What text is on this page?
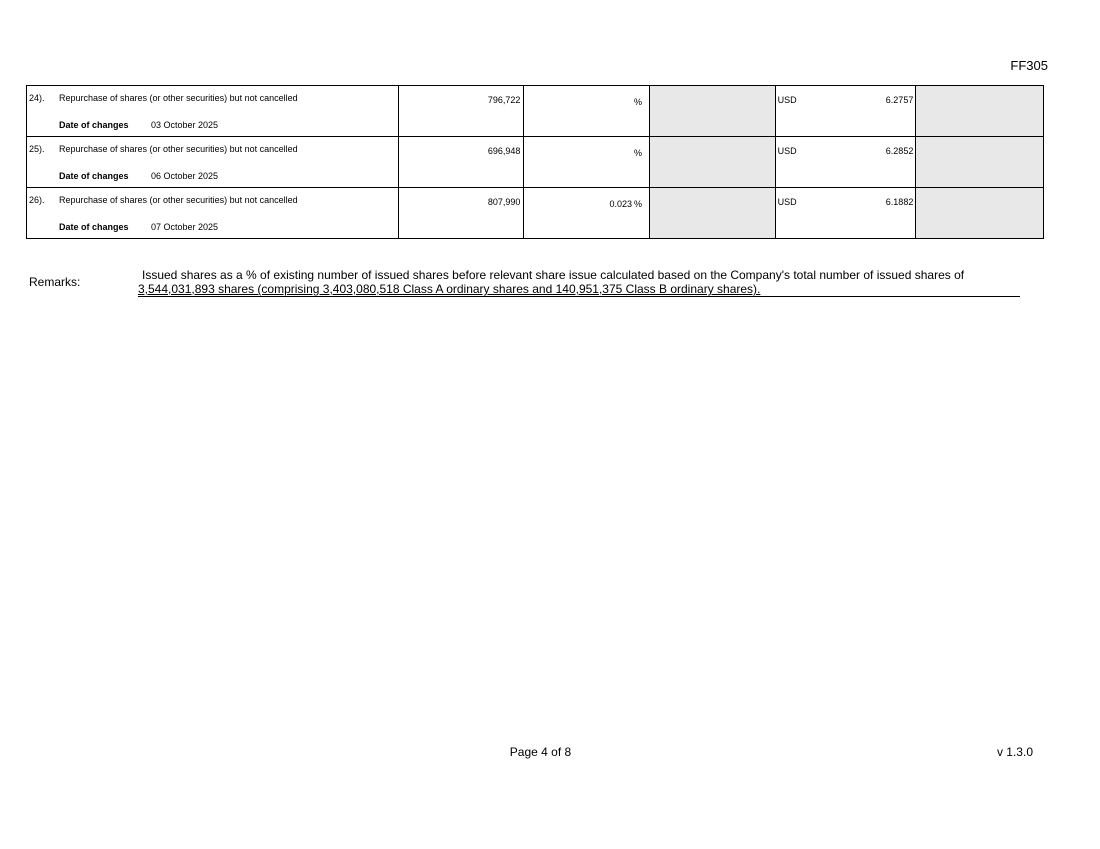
FF305
24). Repurchase of shares (or other securities) but not cancelled
Date of changes 03 October 2025	796,722	%		USD 6.2757	

25). Repurchase of shares (or other securities) but not cancelled
Date of changes 06 October 2025	696,948	%		USD 6.2852	

26). Repurchase of shares (or other securities) but not cancelled
Date of changes 07 October 2025	807,990	0.023 %		USD 6.1882	

Remarks:	Issued shares as a % of existing number of issued shares before relevant share issue calculated based on the Company's total number of issued shares of
3,544,031,893 shares (comprising 3,403,080,518 Class A ordinary shares and 140,951,375 Class B ordinary shares).
Page 4 of 8	v 1.3.0
